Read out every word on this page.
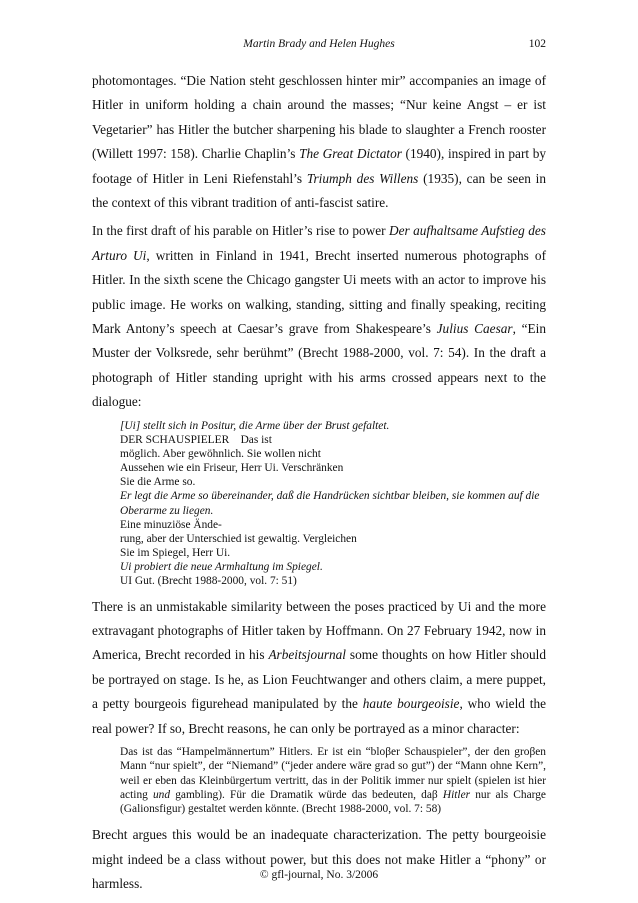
Martin Brady and Helen Hughes	102

photomontages. “Die Nation steht geschlossen hinter mir” accompanies an image of Hitler in uniform holding a chain around the masses; “Nur keine Angst – er ist Vegetarier” has Hitler the butcher sharpening his blade to slaughter a French rooster (Willett 1997: 158). Charlie Chaplin’s The Great Dictator (1940), inspired in part by footage of Hitler in Leni Riefenstahl’s Triumph des Willens (1935), can be seen in the context of this vibrant tradition of anti-fascist satire.

In the first draft of his parable on Hitler’s rise to power Der aufhaltsame Aufstieg des Arturo Ui, written in Finland in 1941, Brecht inserted numerous photographs of Hitler. In the sixth scene the Chicago gangster Ui meets with an actor to improve his public image. He works on walking, standing, sitting and finally speaking, reciting Mark Antony’s speech at Caesar’s grave from Shakespeare’s Julius Caesar, “Ein Muster der Volksrede, sehr berühmt” (Brecht 1988-2000, vol. 7: 54). In the draft a photograph of Hitler standing upright with his arms crossed appears next to the dialogue:

[Ui] stellt sich in Positur, die Arme über der Brust gefaltet.
DER SCHAUSPIELER    Das ist
möglich. Aber gewöhnlich. Sie wollen nicht
Aussehen wie ein Friseur, Herr Ui. Verschränken
Sie die Arme so.
Er legt die Arme so übereinander, daß die Handrücken sichtbar bleiben, sie kommen auf die Oberarme zu liegen.
Eine minuziöse Ände-
rung, aber der Unterschied ist gewaltig. Vergleichen
Sie im Spiegel, Herr Ui.
Ui probiert die neue Armhaltung im Spiegel.
UI Gut. (Brecht 1988-2000, vol. 7: 51)

There is an unmistakable similarity between the poses practiced by Ui and the more extravagant photographs of Hitler taken by Hoffmann. On 27 February 1942, now in America, Brecht recorded in his Arbeitsjournal some thoughts on how Hitler should be portrayed on stage. Is he, as Lion Feuchtwanger and others claim, a mere puppet, a petty bourgeois figurehead manipulated by the haute bourgeoisie, who wield the real power? If so, Brecht reasons, he can only be portrayed as a minor character:

Das ist das “Hampelmännertum” Hitlers. Er ist ein “bloβer Schauspieler”, der den groβen Mann “nur spielt”, der “Niemand” (“jeder andere wäre grad so gut”) der “Mann ohne Kern”, weil er eben das Kleinbürgertum vertritt, das in der Politik immer nur spielt (spielen ist hier acting und gambling). Für die Dramatik würde das bedeuten, daβ Hitler nur als Charge (Galionsfigur) gestaltet werden könnte. (Brecht 1988-2000, vol. 7: 58)

Brecht argues this would be an inadequate characterization. The petty bourgeoisie might indeed be a class without power, but this does not make Hitler a “phony” or harmless.

© gfl-journal, No. 3/2006
